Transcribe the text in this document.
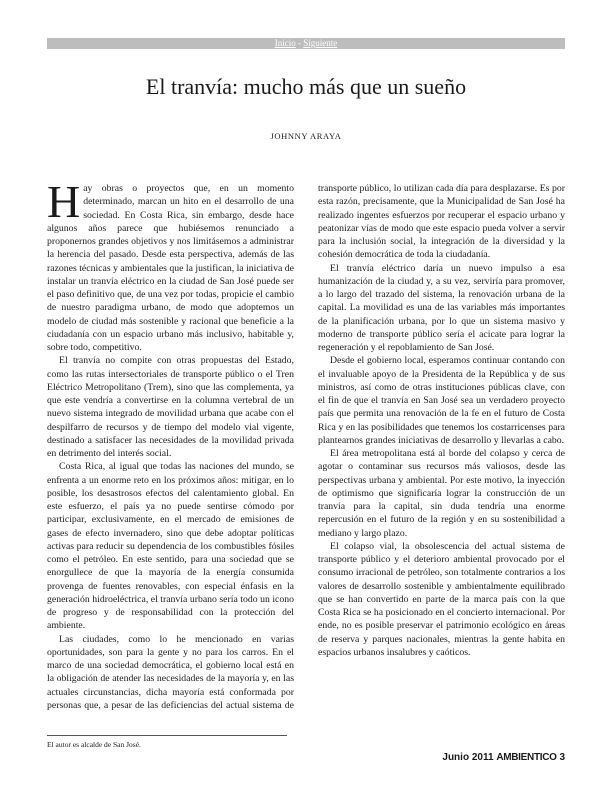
Inicio - Siguiente
El tranvía: mucho más que un sueño
JOHNNY ARAYA

Hay obras o proyectos que, en un momento determinado, marcan un hito en el desarrollo de una sociedad. En Costa Rica, sin embargo, desde hace algunos años parece que hubiésemos renunciado a proponernos grandes objetivos y nos limitásemos a administrar la herencia del pasado. Desde esta perspectiva, además de las razones técnicas y ambientales que la justifican, la iniciativa de instalar un tranvía eléctrico en la ciudad de San José puede ser el paso definitivo que, de una vez por todas, propicie el cambio de nuestro paradigma urbano, de modo que adoptemos un modelo de ciudad más sostenible y racional que beneficie a la ciudadanía con un espacio urbano más inclusivo, habitable y, sobre todo, competitivo.

El tranvía no compite con otras propuestas del Estado, como las rutas intersectoriales de transporte público o el Tren Eléctrico Metropolitano (Trem), sino que las complementa, ya que este vendría a convertirse en la columna vertebral de un nuevo sistema integrado de movilidad urbana que acabe con el despilfarro de recursos y de tiempo del modelo vial vigente, destinado a satisfacer las necesidades de la movilidad privada en detrimento del interés social.

Costa Rica, al igual que todas las naciones del mundo, se enfrenta a un enorme reto en los próximos años: mitigar, en lo posible, los desastrosos efectos del calentamiento global. En este esfuerzo, el país ya no puede sentirse cómodo por participar, exclusivamente, en el mercado de emisiones de gases de efecto invernadero, sino que debe adoptar políticas activas para reducir su dependencia de los combustibles fósiles como el petróleo. En este sentido, para una sociedad que se enorgullece de que la mayoría de la energía consumida provenga de fuentes renovables, con especial énfasis en la generación hidroeléctrica, el tranvía urbano sería todo un icono de progreso y de responsabilidad con la protección del ambiente.

Las ciudades, como lo he mencionado en varias oportunidades, son para la gente y no para los carros. En el marco de una sociedad democrática, el gobierno local está en la obligación de atender las necesidades de la mayoría y, en las actuales circunstancias, dicha mayoría está conformada por personas que, a pesar de las deficiencias del actual sistema de transporte público, lo utilizan cada día para desplazarse. Es por esta razón, precisamente, que la Municipalidad de San José ha realizado ingentes esfuerzos por recuperar el espacio urbano y peatonizar vías de modo que este espacio pueda volver a servir para la inclusión social, la integración de la diversidad y la cohesión democrática de toda la ciudadanía.

El tranvía eléctrico daría un nuevo impulso a esa humanización de la ciudad y, a su vez, serviría para promover, a lo largo del trazado del sistema, la renovación urbana de la capital. La movilidad es una de las variables más importantes de la planificación urbana, por lo que un sistema masivo y moderno de transporte público sería el acicate para lograr la regeneración y el repoblamiento de San José.

Desde el gobierno local, esperamos continuar contando con el invaluable apoyo de la Presidenta de la República y de sus ministros, así como de otras instituciones públicas clave, con el fin de que el tranvía en San José sea un verdadero proyecto país que permita una renovación de la fe en el futuro de Costa Rica y en las posibilidades que tenemos los costarricenses para plantearnos grandes iniciativas de desarrollo y llevarlas a cabo.

El área metropolitana está al borde del colapso y cerca de agotar o contaminar sus recursos más valiosos, desde las perspectivas urbana y ambiental. Por este motivo, la inyección de optimismo que significaría lograr la construcción de un tranvía para la capital, sin duda tendría una enorme repercusión en el futuro de la región y en su sostenibilidad a mediano y largo plazo.

El colapso vial, la obsolescencia del actual sistema de transporte público y el deterioro ambiental provocado por el consumo irracional de petróleo, son totalmente contrarios a los valores de desarrollo sostenible y ambientalmente equilibrado que se han convertido en parte de la marca país con la que Costa Rica se ha posicionado en el concierto internacional. Por ende, no es posible preservar el patrimonio ecológico en áreas de reserva y parques nacionales, mientras la gente habita en espacios urbanos insalubres y caóticos.

El autor es alcalde de San José.
Junio 2011 AMBIENTICO 3
